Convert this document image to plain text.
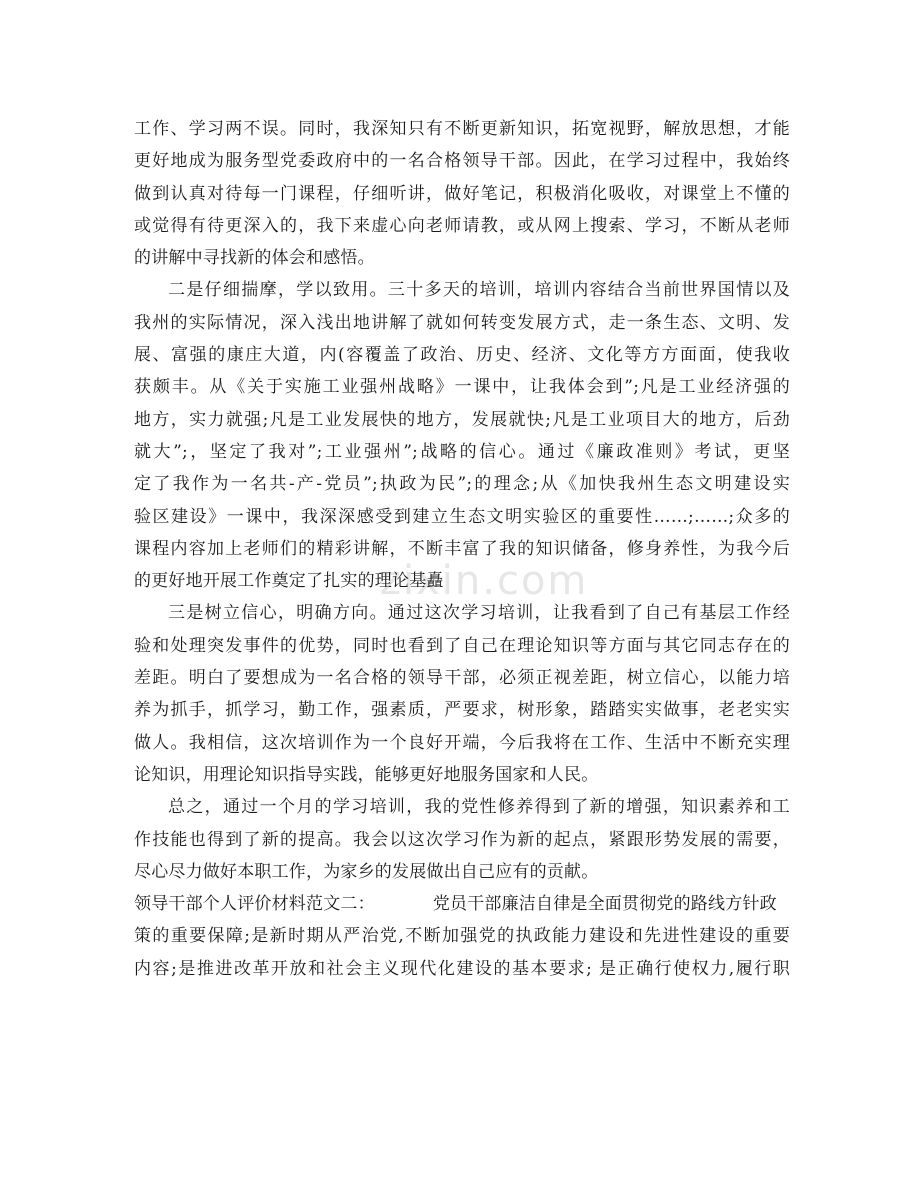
zixin.com
工作、学习两不误。同时，我深知只有不断更新知识，拓宽视野，解放思想，才能
更好地成为服务型党委政府中的一名合格领导干部。因此，在学习过程中，我始终
做到认真对待每一门课程，仔细听讲，做好笔记，积极消化吸收，对课堂上不懂的
或觉得有待更深入的，我下来虚心向老师请教，或从网上搜索、学习，不断从老师
的讲解中寻找新的体会和感悟。
二是仔细揣摩，学以致用。三十多天的培训，培训内容结合当前世界国情以及
我州的实际情况，深入浅出地讲解了就如何转变发展方式，走一条生态、文明、发
展、富强的康庄大道，内(容覆盖了政治、历史、经济、文化等方方面面，使我收
获颇丰。从《关于实施工业强州战略》一课中，让我体会到”;凡是工业经济强的
地方，实力就强;凡是工业发展快的地方，发展就快;凡是工业项目大的地方，后劲
就大”;，坚定了我对”;工业强州”;战略的信心。通过《廉政准则》考试，更坚
定了我作为一名共-产-党员”;执政为民”;的理念;从《加快我州生态文明建设实
验区建设》一课中，我深深感受到建立生态文明实验区的重要性……;……;众多的
课程内容加上老师们的精彩讲解，不断丰富了我的知识储备，修身养性，为我今后
的更好地开展工作奠定了扎实的理论基矗
三是树立信心，明确方向。通过这次学习培训，让我看到了自己有基层工作经
验和处理突发事件的优势，同时也看到了自己在理论知识等方面与其它同志存在的
差距。明白了要想成为一名合格的领导干部，必须正视差距，树立信心，以能力培
养为抓手，抓学习，勤工作，强素质，严要求，树形象，踏踏实实做事，老老实实
做人。我相信，这次培训作为一个良好开端，今后我将在工作、生活中不断充实理
论知识，用理论知识指导实践，能够更好地服务国家和人民。
总之，通过一个月的学习培训，我的党性修养得到了新的增强，知识素养和工
作技能也得到了新的提高。我会以这次学习作为新的起点，紧跟形势发展的需要，
尽心尽力做好本职工作，为家乡的发展做出自己应有的贡献。
领导干部个人评价材料范文二：	党员干部廉洁自律是全面贯彻党的路线方针政
策的重要保障;是新时期从严治党,不断加强党的执政能力建设和先进性建设的重要
内容;是推进改革开放和社会主义现代化建设的基本要求; 是正确行使权力,履行职
